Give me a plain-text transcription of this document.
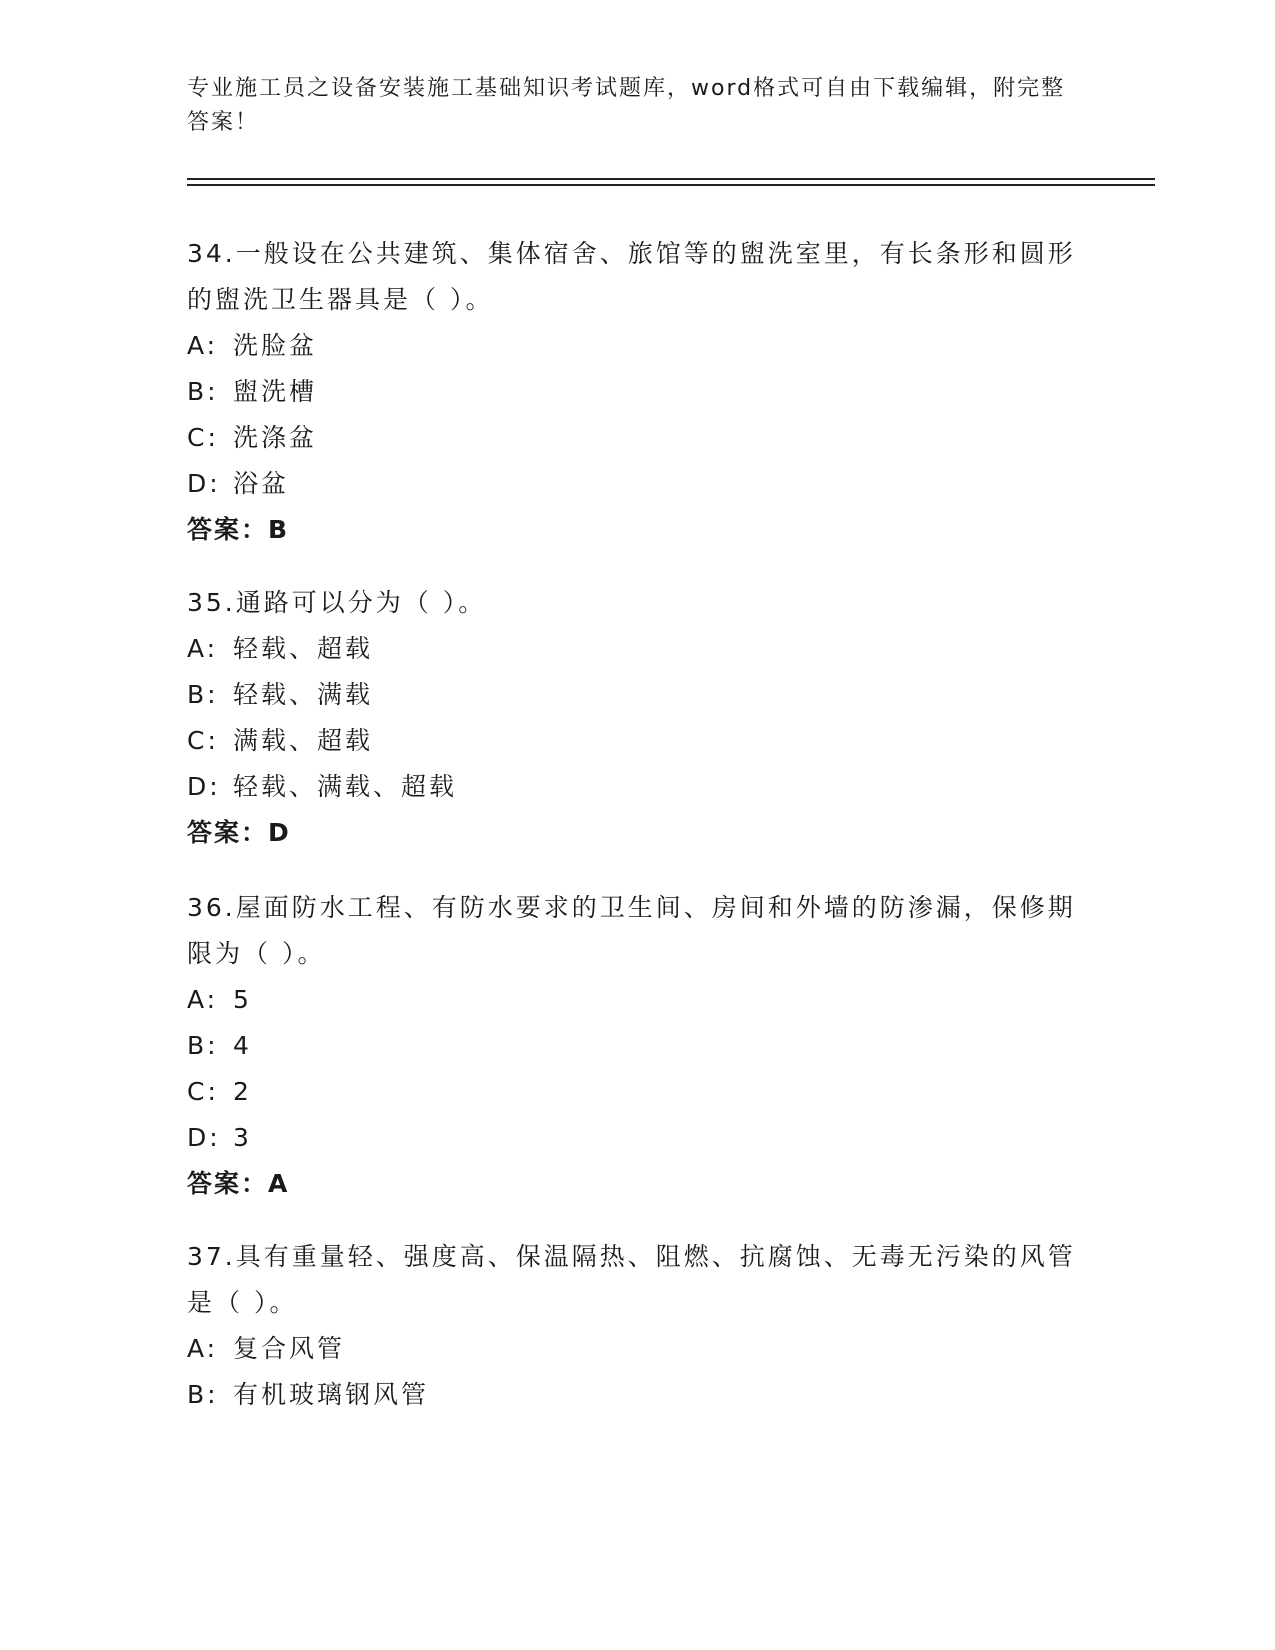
专业施工员之设备安装施工基础知识考试题库，word格式可自由下载编辑，附完整答案！
34.一般设在公共建筑、集体宿舍、旅馆等的盥洗室里，有长条形和圆形的盥洗卫生器具是（ ）。
A: 洗脸盆
B: 盥洗槽
C: 洗涤盆
D: 浴盆
答案：B
35.通路可以分为（ ）。
A: 轻载、超载
B: 轻载、满载
C: 满载、超载
D: 轻载、满载、超载
答案：D
36.屋面防水工程、有防水要求的卫生间、房间和外墙的防渗漏，保修期限为（ ）。
A: 5
B: 4
C: 2
D: 3
答案：A
37.具有重量轻、强度高、保温隔热、阻燃、抗腐蚀、无毒无污染的风管是（ ）。
A: 复合风管
B: 有机玻璃钢风管
